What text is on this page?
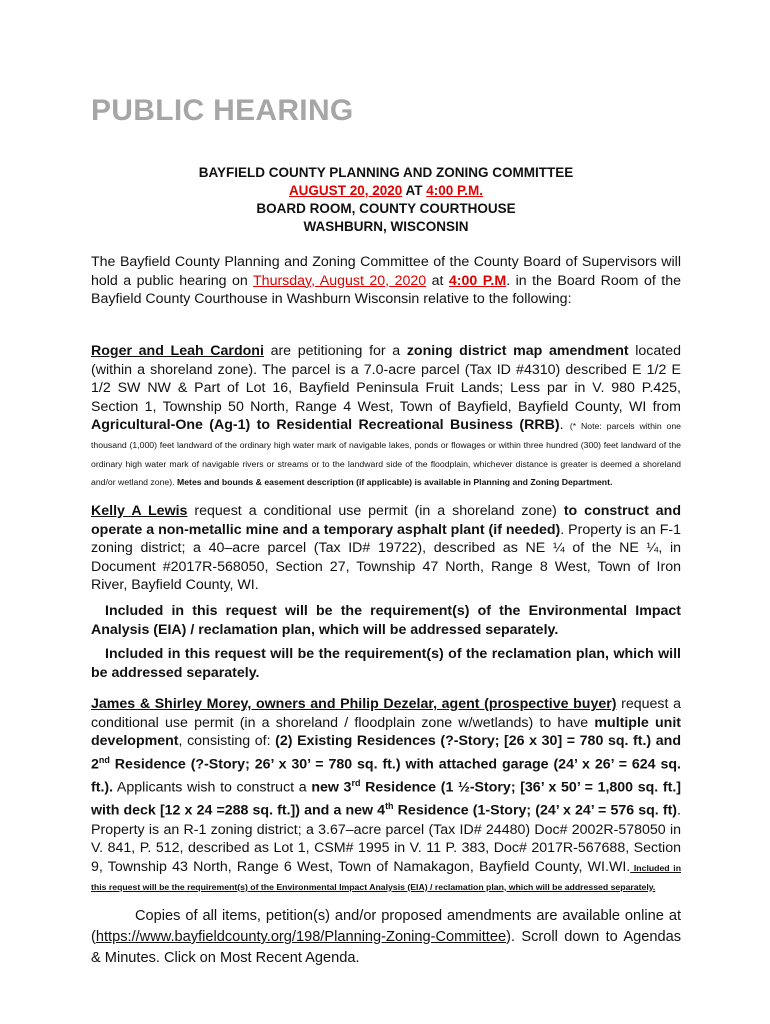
PUBLIC HEARING
BAYFIELD COUNTY PLANNING AND ZONING COMMITTEE
AUGUST 20, 2020 AT 4:00 P.M.
BOARD ROOM, COUNTY COURTHOUSE
WASHBURN, WISCONSIN

The Bayfield County Planning and Zoning Committee of the County Board of Supervisors will hold a public hearing on Thursday, August 20, 2020 at 4:00 P.M. in the Board Room of the Bayfield County Courthouse in Washburn Wisconsin relative to the following:

Roger and Leah Cardoni are petitioning for a zoning district map amendment located (within a shoreland zone). The parcel is a 7.0-acre parcel (Tax ID #4310) described E 1/2 E 1/2 SW NW & Part of Lot 16, Bayfield Peninsula Fruit Lands; Less par in V. 980 P.425, Section 1, Township 50 North, Range 4 West, Town of Bayfield, Bayfield County, WI from Agricultural-One (Ag-1) to Residential Recreational Business (RRB). (* Note: parcels within one thousand (1,000) feet landward of the ordinary high water mark of navigable lakes, ponds or flowages or within three hundred (300) feet landward of the ordinary high water mark of navigable rivers or streams or to the landward side of the floodplain, whichever distance is greater is deemed a shoreland and/or wetland zone). Metes and bounds & easement description (if applicable) is available in Planning and Zoning Department.

Kelly A Lewis request a conditional use permit (in a shoreland zone) to construct and operate a non-metallic mine and a temporary asphalt plant (if needed). Property is an F-1 zoning district; a 40–acre parcel (Tax ID# 19722), described as NE ¼ of the NE ¼, in Document #2017R-568050, Section 27, Township 47 North, Range 8 West, Town of Iron River, Bayfield County, WI.

Included in this request will be the requirement(s) of the Environmental Impact Analysis (EIA) / reclamation plan, which will be addressed separately.

Included in this request will be the requirement(s) of the reclamation plan, which will be addressed separately.

James & Shirley Morey, owners and Philip Dezelar, agent (prospective buyer) request a conditional use permit (in a shoreland / floodplain zone w/wetlands) to have multiple unit development, consisting of: (2) Existing Residences (?-Story; [26 x 30] = 780 sq. ft.) and 2nd Residence (?-Story; 26’ x 30’ = 780 sq. ft.) with attached garage (24’ x 26’ = 624 sq. ft.). Applicants wish to construct a new 3rd Residence (1 ½-Story; [36’ x 50’ = 1,800 sq. ft.] with deck [12 x 24 =288 sq. ft.]) and a new 4th Residence (1-Story; (24’ x 24’ = 576 sq. ft). Property is an R-1 zoning district; a 3.67–acre parcel (Tax ID# 24480) Doc# 2002R-578050 in V. 841, P. 512, described as Lot 1, CSM# 1995 in V. 11 P. 383, Doc# 2017R-567688, Section 9, Township 43 North, Range 6 West, Town of Namakagon, Bayfield County, WI.WI. Included in this request will be the requirement(s) of the Environmental Impact Analysis (EIA) / reclamation plan, which will be addressed separately.

Copies of all items, petition(s) and/or proposed amendments are available online at (https://www.bayfieldcounty.org/198/Planning-Zoning-Committee). Scroll down to Agendas & Minutes. Click on Most Recent Agenda.
